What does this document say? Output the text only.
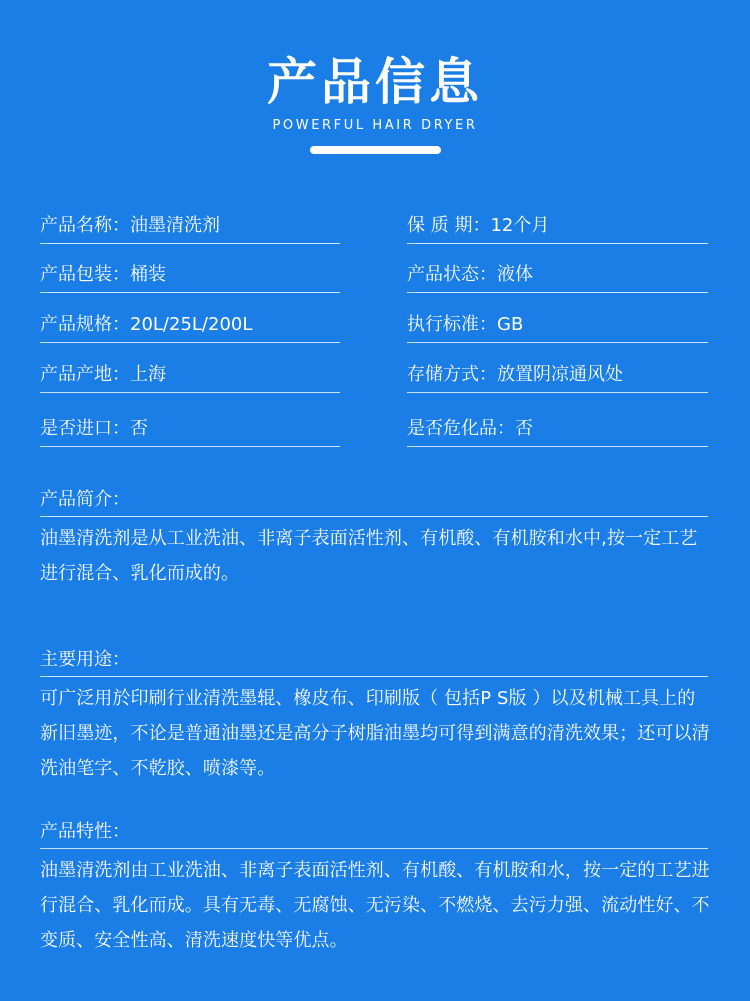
产品信息
POWERFUL HAIR DRYER
产品名称：油墨清洗剂	保 质 期：12个月
产品包装：桶装	产品状态：液体
产品规格：20L/25L/200L	执行标准：GB
产品产地：上海	存储方式：放置阴凉通风处
是否进口：否	是否危化品：否
产品简介：
油墨清洗剂是从工业洗油、非离子表面活性剂、有机酸、有机胺和水中,按一定工艺进行混合、乳化而成的。
主要用途：
可广泛用於印刷行业清洗墨辊、橡皮布、印刷版（ 包括P S版 ）以及机械工具上的新旧墨迹，不论是普通油墨还是高分子树脂油墨均可得到满意的清洗效果；还可以清洗油笔字、不乾胶、喷漆等。
产品特性：
油墨清洗剂由工业洗油、非离子表面活性剂、有机酸、有机胺和水，按一定的工艺进行混合、乳化而成。具有无毒、无腐蚀、无污染、不燃烧、去污力强、流动性好、不变质、安全性高、清洗速度快等优点。
